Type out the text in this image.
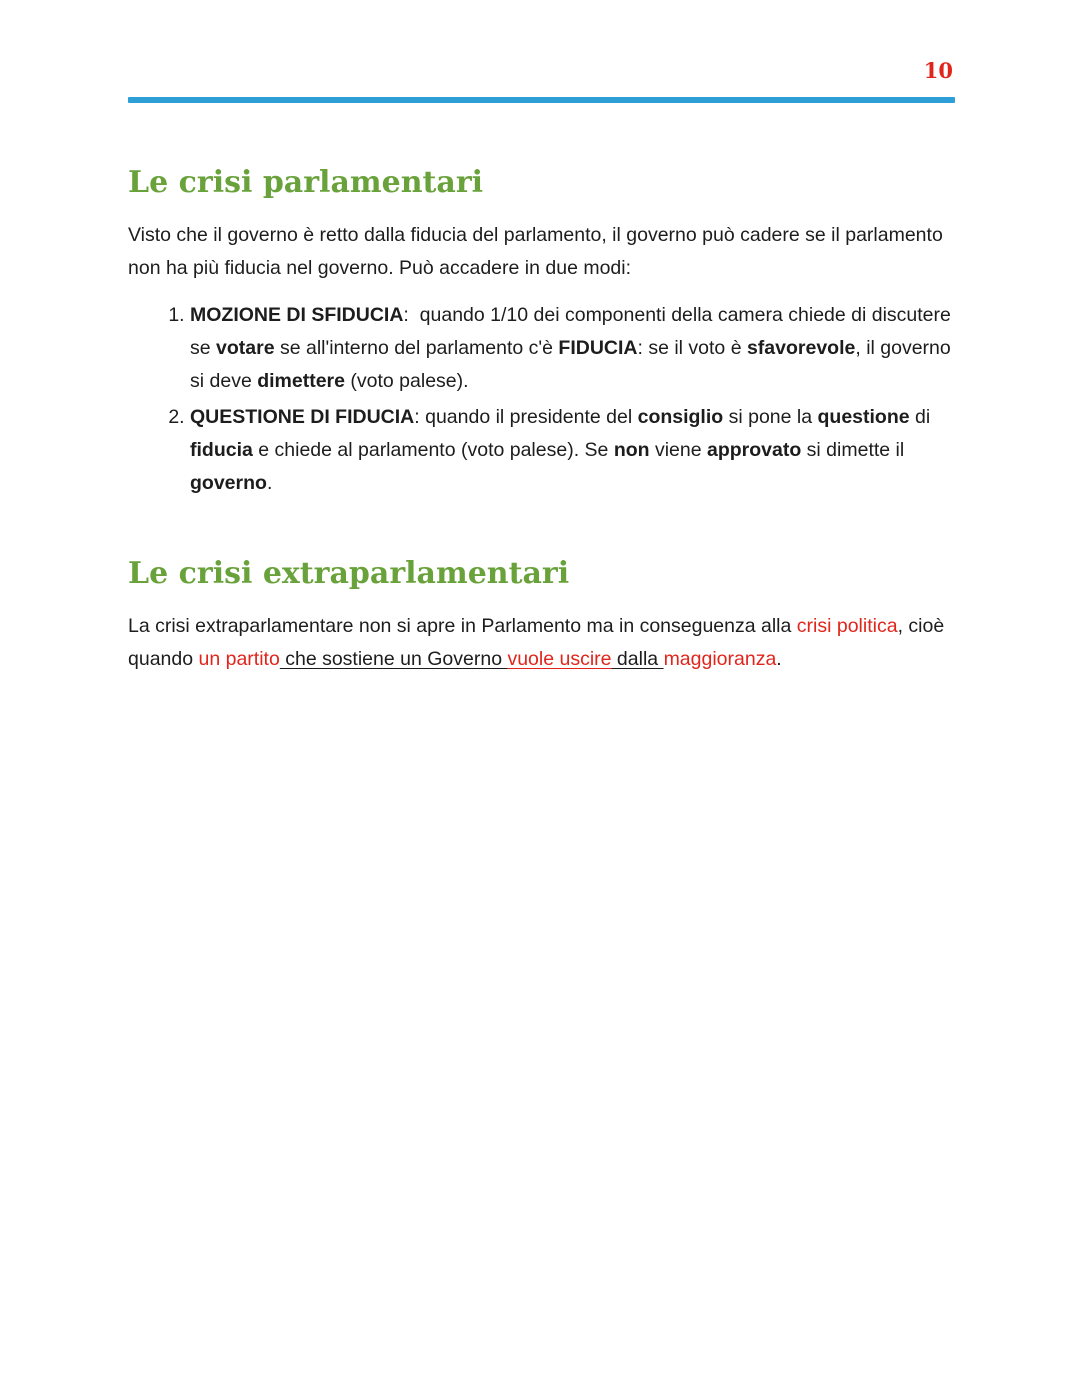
10
Le crisi parlamentari

Visto che il governo è retto dalla fiducia del parlamento, il governo può cadere se il parlamento non ha più fiducia nel governo. Può accadere in due modi:

1. MOZIONE DI SFIDUCIA:  quando 1/10 dei componenti della camera chiede di discutere se votare se all'interno del parlamento c'è FIDUCIA: se il voto è sfavorevole, il governo si deve dimettere (voto palese).
2. QUESTIONE DI FIDUCIA: quando il presidente del consiglio si pone la questione di fiducia e chiede al parlamento (voto palese). Se non viene approvato si dimette il governo.
Le crisi extraparlamentari

La crisi extraparlamentare non si apre in Parlamento ma in conseguenza alla crisi politica, cioè quando un partito che sostiene un Governo vuole uscire dalla maggioranza.
